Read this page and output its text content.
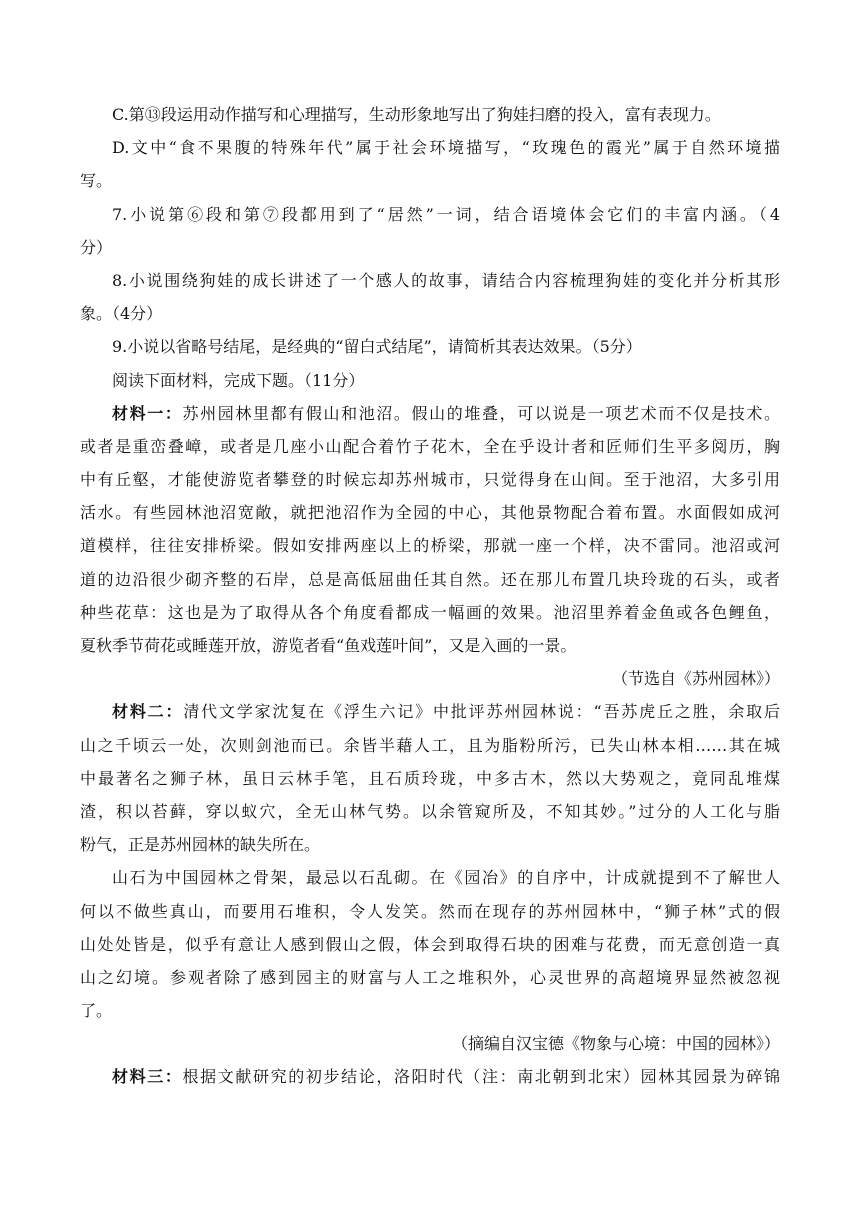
C.第⑬段运用动作描写和心理描写，生动形象地写出了狗娃扫磨的投入，富有表现力。
D.文中“食不果腹的特殊年代”属于社会环境描写，“玫瑰色的霞光”属于自然环境描
写。
7.小说第⑥段和第⑦段都用到了“居然”一词，结合语境体会它们的丰富内涵。（4
分）
8.小说围绕狗娃的成长讲述了一个感人的故事，请结合内容梳理狗娃的变化并分析其形
象。（4分）
9.小说以省略号结尾，是经典的“留白式结尾”，请简析其表达效果。（5分）
阅读下面材料，完成下题。（11分）
材料一：苏州园林里都有假山和池沼。假山的堆叠，可以说是一项艺术而不仅是技术。
或者是重峦叠嶂，或者是几座小山配合着竹子花木，全在乎设计者和匠师们生平多阅历，胸
中有丘壑，才能使游览者攀登的时候忘却苏州城市，只觉得身在山间。至于池沼，大多引用
活水。有些园林池沼宽敞，就把池沼作为全园的中心，其他景物配合着布置。水面假如成河
道模样，往往安排桥梁。假如安排两座以上的桥梁，那就一座一个样，决不雷同。池沼或河
道的边沿很少砌齐整的石岸，总是高低屈曲任其自然。还在那儿布置几块玲珑的石头，或者
种些花草：这也是为了取得从各个角度看都成一幅画的效果。池沼里养着金鱼或各色鲤鱼，
夏秋季节荷花或睡莲开放，游览者看“鱼戏莲叶间”，又是入画的一景。
（节选自《苏州园林》）
材料二：清代文学家沈复在《浮生六记》中批评苏州园林说：“吾苏虎丘之胜，余取后
山之千顷云一处，次则剑池而已。余皆半藉人工，且为脂粉所污，已失山林本相……其在城
中最著名之狮子林，虽日云林手笔，且石质玲珑，中多古木，然以大势观之，竟同乱堆煤
渣，积以苔藓，穿以蚁穴，全无山林气势。以余管窥所及，不知其妙。”过分的人工化与脂
粉气，正是苏州园林的缺失所在。
山石为中国园林之骨架，最忌以石乱砌。在《园冶》的自序中，计成就提到不了解世人
何以不做些真山，而要用石堆积，令人发笑。然而在现存的苏州园林中，“狮子林”式的假
山处处皆是，似乎有意让人感到假山之假，体会到取得石块的困难与花费，而无意创造一真
山之幻境。参观者除了感到园主的财富与人工之堆积外，心灵世界的高超境界显然被忽视
了。
（摘编自汉宝德《物象与心境：中国的园林》）
材料三：根据文献研究的初步结论，洛阳时代（注：南北朝到北宋）园林其园景为碎锦
